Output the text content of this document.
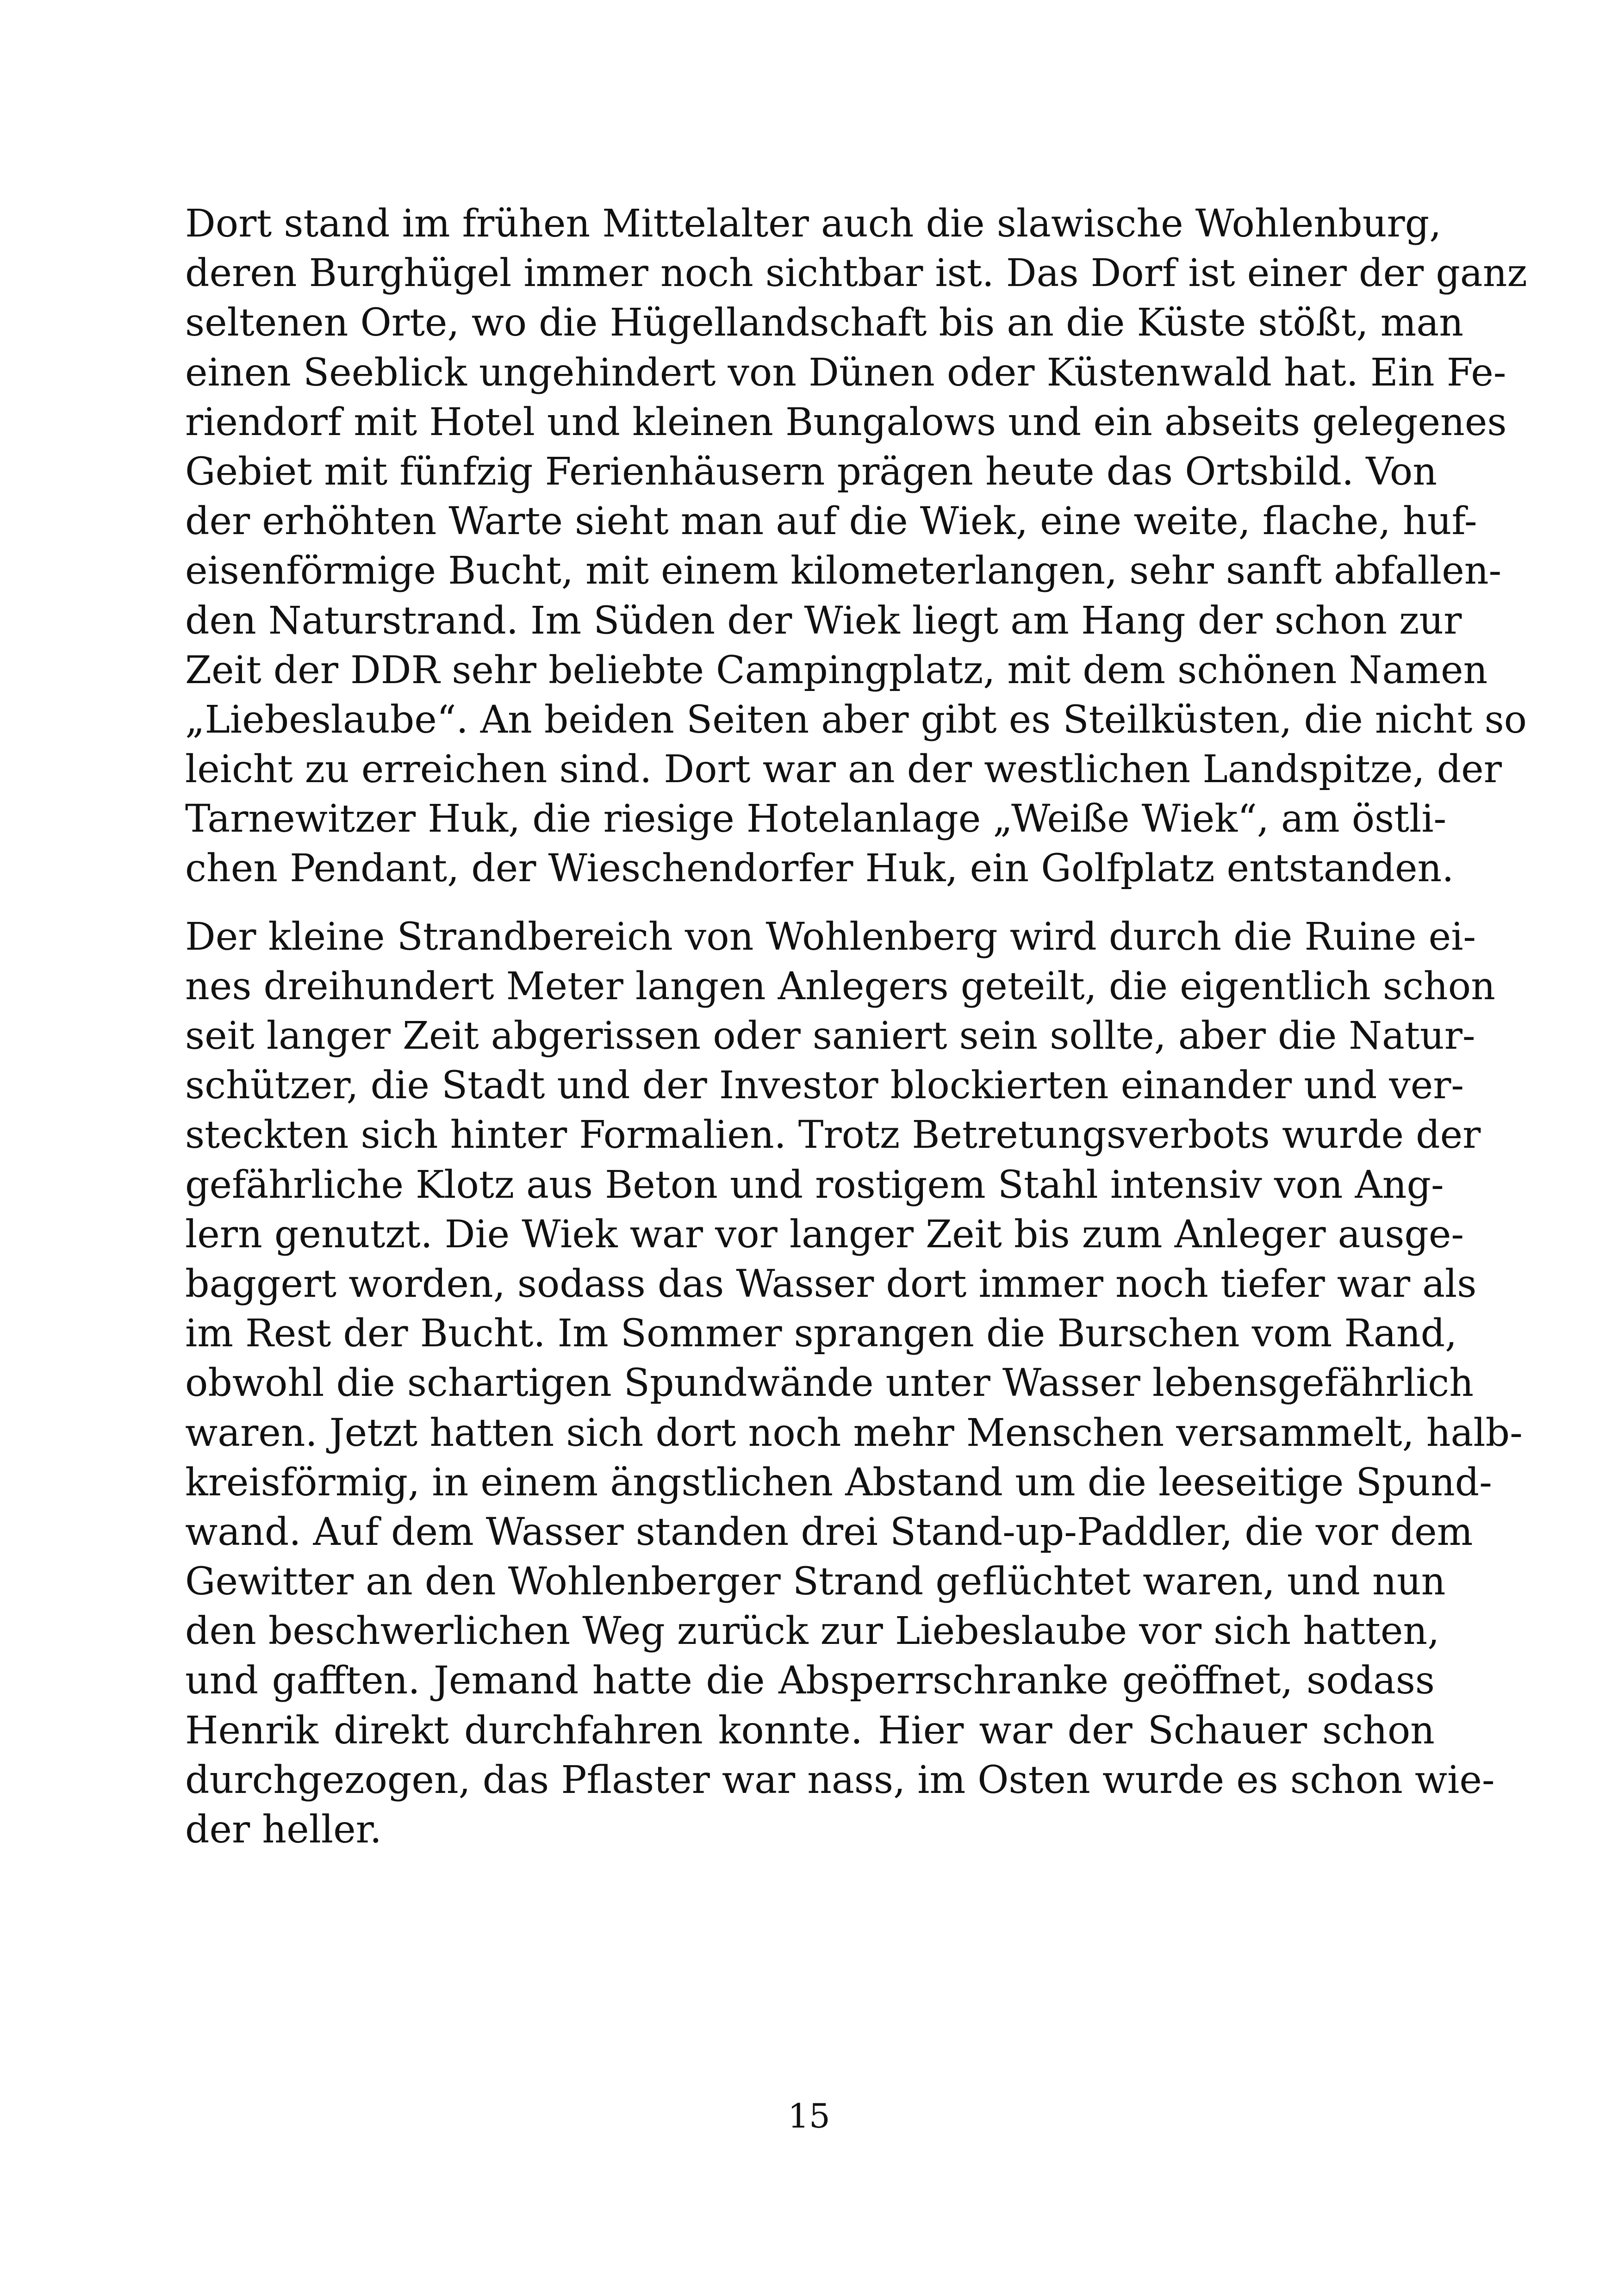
Dort stand im frühen Mittelalter auch die slawische Wohlenburg,
deren Burghügel immer noch sichtbar ist. Das Dorf ist einer der ganz
seltenen Orte, wo die Hügellandschaft bis an die Küste stößt, man
einen Seeblick ungehindert von Dünen oder Küstenwald hat. Ein Fe-
riendorf mit Hotel und kleinen Bungalows und ein abseits gelegenes
Gebiet mit fünfzig Ferienhäusern prägen heute das Ortsbild. Von
der erhöhten Warte sieht man auf die Wiek, eine weite, flache, huf-
eisenförmige Bucht, mit einem kilometerlangen, sehr sanft abfallen-
den Naturstrand. Im Süden der Wiek liegt am Hang der schon zur
Zeit der DDR sehr beliebte Campingplatz, mit dem schönen Namen
„Liebeslaube“. An beiden Seiten aber gibt es Steilküsten, die nicht so
leicht zu erreichen sind. Dort war an der westlichen Landspitze, der
Tarnewitzer Huk, die riesige Hotelanlage „Weiße Wiek“, am östli-
chen Pendant, der Wieschendorfer Huk, ein Golfplatz entstanden.
Der kleine Strandbereich von Wohlenberg wird durch die Ruine ei-
nes dreihundert Meter langen Anlegers geteilt, die eigentlich schon
seit langer Zeit abgerissen oder saniert sein sollte, aber die Natur-
schützer, die Stadt und der Investor blockierten einander und ver-
steckten sich hinter Formalien. Trotz Betretungsverbots wurde der
gefährliche Klotz aus Beton und rostigem Stahl intensiv von Ang-
lern genutzt. Die Wiek war vor langer Zeit bis zum Anleger ausge-
baggert worden, sodass das Wasser dort immer noch tiefer war als
im Rest der Bucht. Im Sommer sprangen die Burschen vom Rand,
obwohl die schartigen Spundwände unter Wasser lebensgefährlich
waren. Jetzt hatten sich dort noch mehr Menschen versammelt, halb-
kreisförmig, in einem ängstlichen Abstand um die leeseitige Spund-
wand. Auf dem Wasser standen drei Stand-up-Paddler, die vor dem
Gewitter an den Wohlenberger Strand geflüchtet waren, und nun
den beschwerlichen Weg zurück zur Liebeslaube vor sich hatten,
und gafften. Jemand hatte die Absperrschranke geöffnet, sodass
Henrik direkt durchfahren konnte. Hier war der Schauer schon
durchgezogen, das Pflaster war nass, im Osten wurde es schon wie-
der heller.
15
